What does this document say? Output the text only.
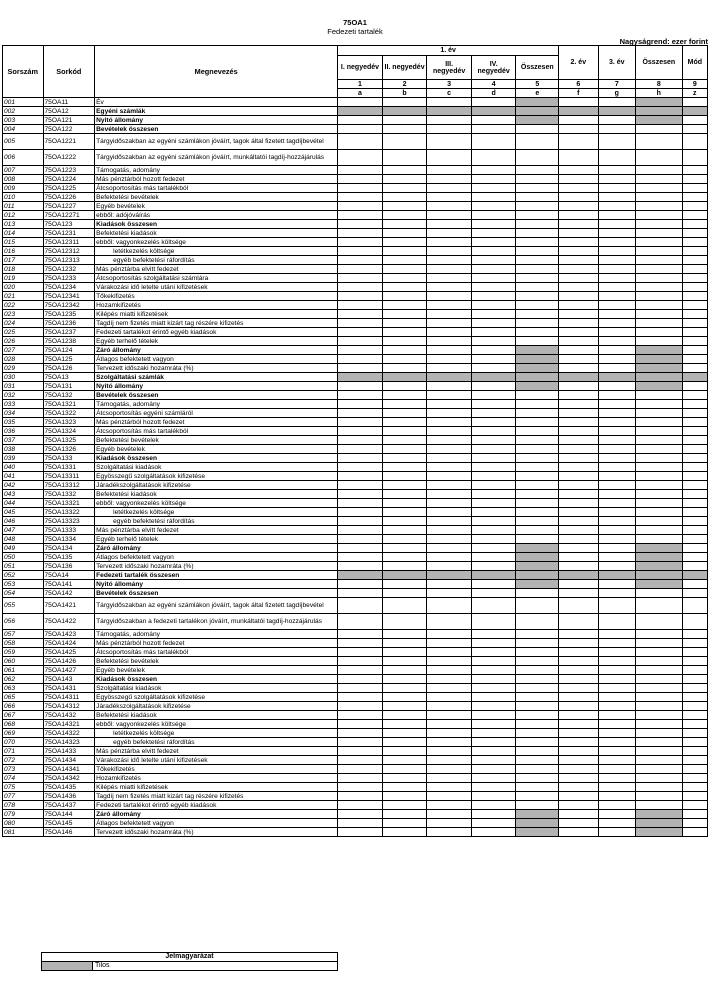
75OA1
Fedezeti tartalék
Nagyságrend: ezer forint
Sorszám	Sorkód	Megnevezés	1. év					2. év	3. év	Összesen	Mód
			I. negyedév	II. negyedév	III. negyedév	IV. negyedév	Összesen				
			1	2	3	4	5	6	7	8	9
			a	b	c	d	e	f	g	h	z
001	75OA11	Év									
002	75OA12	Egyéni számlák									
003	75OA121	Nyitó állomány									
004	75OA122	Bevételek összesen									
005	75OA1221	Tárgyidőszakban az egyéni számlákon jóváírt, tagok által fizetett tagdíjbevétel									
006	75OA1222	Tárgyidőszakban az egyéni számlákon jóváírt, munkáltatói tagdíj-hozzájárulás									
007	75OA1223	Támogatás, adomány									
008	75OA1224	Más pénztárból hozott fedezet									
009	75OA1225	Átcsoportosítás más tartalékból									
010	75OA1226	Befektetési bevételek									
011	75OA1227	Egyéb bevételek									
012	75OA12271	ebből: adójóváírás									
013	75OA123	Kiadások összesen									
014	75OA1231	Befektetési kiadások									
015	75OA12311	ebből: vagyonkezelés költsége									
016	75OA12312	letétkezelés költsége									
017	75OA12313	egyéb befektetési ráfordítás									
018	75OA1232	Más pénztárba elvitt fedezet									
019	75OA1233	Átcsoportosítás szolgáltatási számlára									
020	75OA1234	Várakozási idő letelte utáni kifizetések									
021	75OA12341	Tőkekifizetés									
022	75OA12342	Hozamkifizetés									
023	75OA1235	Kilépés miatti kifizetések									
024	75OA1236	Tagdíj nem fizetés miatt kizárt tag részére kifizetés									
025	75OA1237	Fedezeti tartalékot érintő egyéb kiadások									
026	75OA1238	Egyéb terhelő tételek									
027	75OA124	Záró állomány									
028	75OA125	Átlagos befektetett vagyon									
029	75OA126	Tervezett időszaki hozamráta (%)									
030	75OA13	Szolgáltatási számlák									
031	75OA131	Nyitó állomány									
032	75OA132	Bevételek összesen									
033	75OA1321	Támogatás, adomány									
034	75OA1322	Átcsoportosítás egyéni számláról									
035	75OA1323	Más pénztárból hozott fedezet									
036	75OA1324	Átcsoportosítás más tartalékból									
037	75OA1325	Befektetési bevételek									
038	75OA1326	Egyéb bevételek									
039	75OA133	Kiadások összesen									
040	75OA1331	Szolgáltatási kiadások									
041	75OA13311	Egyösszegű szolgáltatások kifizetése									
042	75OA13312	Járadékszolgáltatások kifizetése									
043	75OA1332	Befektetési kiadások									
044	75OA13321	ebből: vagyonkezelés költsége									
045	75OA13322	letétkezelés költsége									
046	75OA13323	egyéb befektetési ráfordítás									
047	75OA1333	Más pénztárba elvitt fedezet									
048	75OA1334	Egyéb terhelő tételek									
049	75OA134	Záró állomány									
050	75OA135	Átlagos befektetett vagyon									
051	75OA136	Tervezett időszaki hozamráta (%)									
052	75OA14	Fedezeti tartalék összesen									
053	75OA141	Nyitó állomány									
054	75OA142	Bevételek összesen									
055	75OA1421	Tárgyidőszakban az egyéni számlákon jóváírt, tagok által fizetett tagdíjbevétel									
056	75OA1422	Tárgyidőszakban a fedezeti tartalékon jóváírt, munkáltatói tagdíj-hozzájárulás									
057	75OA1423	Támogatás, adomány									
058	75OA1424	Más pénztárból hozott fedezet									
059	75OA1425	Átcsoportosítás más tartalékból									
060	75OA1426	Befektetési bevételek									
061	75OA1427	Egyéb bevételek									
062	75OA143	Kiadások összesen									
063	75OA1431	Szolgáltatási kiadások									
065	75OA14311	Egyösszegű szolgáltatások kifizetése									
066	75OA14312	Járadékszolgáltatások kifizetése									
067	75OA1432	Befektetési kiadások									
068	75OA14321	ebből: vagyonkezelés költsége									
069	75OA14322	letétkezelés költsége									
070	75OA14323	egyéb befektetési ráfordítás									
071	75OA1433	Más pénztárba elvitt fedezet									
072	75OA1434	Várakozási idő letelte utáni kifizetések									
073	75OA14341	Tőkekifizetés									
074	75OA14342	Hozamkifizetés									
075	75OA1435	Kilépés miatti kifizetések									
077	75OA1436	Tagdíj nem fizetés miatt kizárt tag részére kifizetés									
078	75OA1437	Fedezeti tartalékot érintő egyéb kiadások									
079	75OA144	Záró állomány									
080	75OA145	Átlagos befektetett vagyon									
081	75OA146	Tervezett időszaki hozamráta (%)									
Jelmagyarázat
	Tilos
